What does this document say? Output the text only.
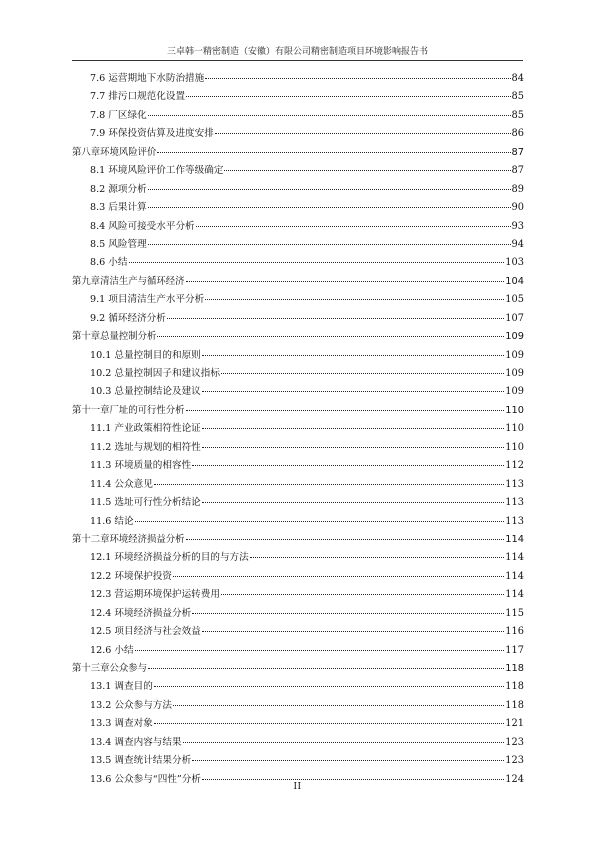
三卓韩一精密制造（安徽）有限公司精密制造项目环境影响报告书
7.6 运营期地下水防治措施	84
7.7 排污口规范化设置	85
7.8 厂区绿化	85
7.9 环保投资估算及进度安排	86
第八章环境风险评价	87
8.1 环境风险评价工作等级确定	87
8.2 源项分析	89
8.3 后果计算	90
8.4 风险可接受水平分析	93
8.5 风险管理	94
8.6 小结	103
第九章清洁生产与循环经济	104
9.1 项目清洁生产水平分析	105
9.2 循环经济分析	107
第十章总量控制分析	109
10.1 总量控制目的和原则	109
10.2 总量控制因子和建议指标	109
10.3 总量控制结论及建议	109
第十一章厂址的可行性分析	110
11.1 产业政策相符性论证	110
11.2 选址与规划的相符性	110
11.3 环境质量的相容性	112
11.4 公众意见	113
11.5 选址可行性分析结论	113
11.6 结论	113
第十二章环境经济损益分析	114
12.1 环境经济损益分析的目的与方法	114
12.2 环境保护投资	114
12.3 营运期环境保护运转费用	114
12.4 环境经济损益分析	115
12.5 项目经济与社会效益	116
12.6 小结	117
第十三章公众参与	118
13.1 调查目的	118
13.2 公众参与方法	118
13.3 调查对象	121
13.4 调查内容与结果	123
13.5 调查统计结果分析	123
13.6 公众参与“四性”分析	124
II
